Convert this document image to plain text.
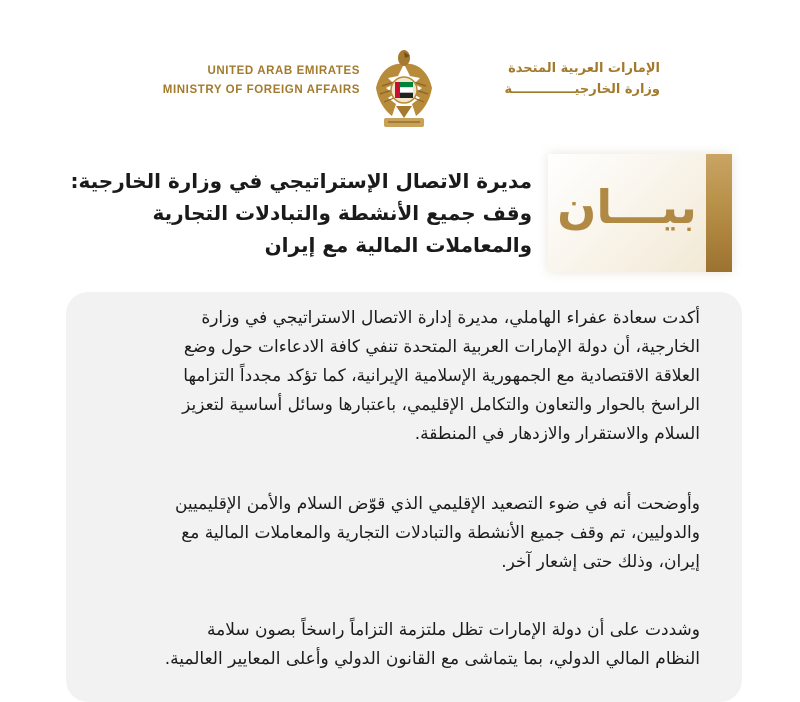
UNITED ARAB EMIRATES
MINISTRY OF FOREIGN AFFAIRS
الإمارات العربية المتحدة
وزارة الخارجيــــــــــــــة
مديرة الاتصال الإستراتيجي في وزارة الخارجية:
وقف جميع الأنشطة والتبادلات التجارية
والمعاملات المالية مع إيران
بيـــان
أكدت سعادة عفراء الهاملي، مديرة إدارة الاتصال الاستراتيجي في وزارة
الخارجية، أن دولة الإمارات العربية المتحدة تنفي كافة الادعاءات حول وضع
العلاقة الاقتصادية مع الجمهورية الإسلامية الإيرانية، كما تؤكد مجدداً التزامها
الراسخ بالحوار والتعاون والتكامل الإقليمي، باعتبارها وسائل أساسية لتعزيز
السلام والاستقرار والازدهار في المنطقة.
وأوضحت أنه في ضوء التصعيد الإقليمي الذي قوّض السلام والأمن الإقليميين
والدوليين، تم وقف جميع الأنشطة والتبادلات التجارية والمعاملات المالية مع
إيران، وذلك حتى إشعار آخر.
وشددت على أن دولة الإمارات تظل ملتزمة التزاماً راسخاً بصون سلامة
النظام المالي الدولي، بما يتماشى مع القانون الدولي وأعلى المعايير العالمية.
